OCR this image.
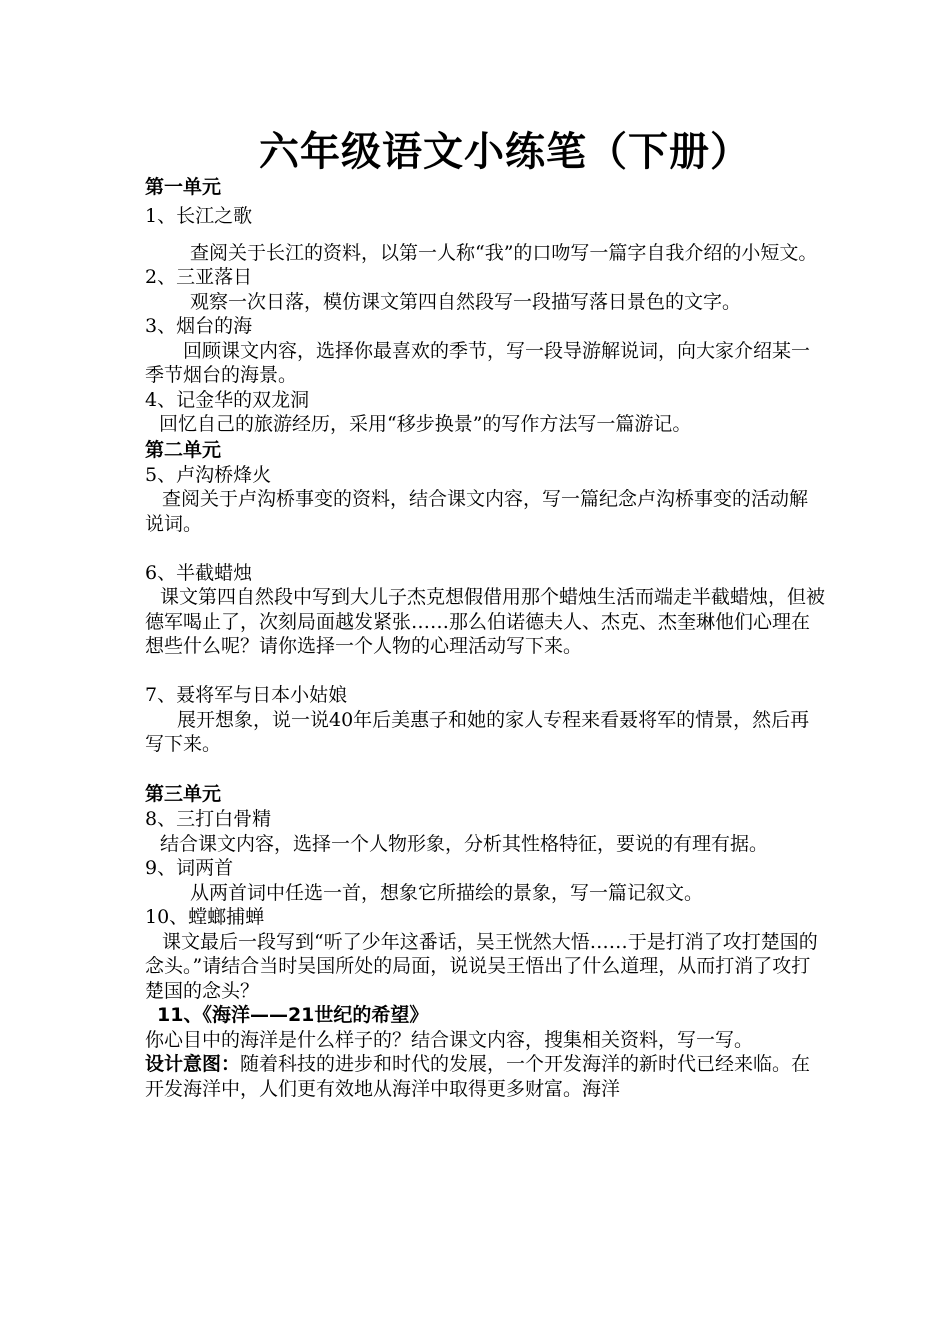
六年级语文小练笔（下册）
第一单元
1、长江之歌
查阅关于长江的资料，以第一人称“我”的口吻写一篇字自我介绍的小短文。
2、三亚落日
观察一次日落，模仿课文第四自然段写一段描写落日景色的文字。
3、烟台的海
回顾课文内容，选择你最喜欢的季节，写一段导游解说词，向大家介绍某一季节烟台的海景。
4、记金华的双龙洞
回忆自己的旅游经历，采用“移步换景”的写作方法写一篇游记。
第二单元
5、卢沟桥烽火
查阅关于卢沟桥事变的资料，结合课文内容，写一篇纪念卢沟桥事变的活动解说词。
6、半截蜡烛
课文第四自然段中写到大儿子杰克想假借用那个蜡烛生活而端走半截蜡烛，但被德军喝止了，次刻局面越发紧张……那么伯诺德夫人、杰克、杰奎琳他们心理在想些什么呢？请你选择一个人物的心理活动写下来。
7、聂将军与日本小姑娘
展开想象，说一说40年后美惠子和她的家人专程来看聂将军的情景，然后再写下来。
第三单元
8、三打白骨精
结合课文内容，选择一个人物形象，分析其性格特征，要说的有理有据。
9、词两首
从两首词中任选一首，想象它所描绘的景象，写一篇记叙文。
10、螳螂捕蝉
课文最后一段写到“听了少年这番话，吴王恍然大悟……于是打消了攻打楚国的念头。”请结合当时吴国所处的局面，说说吴王悟出了什么道理，从而打消了攻打楚国的念头？
11、《海洋——21世纪的希望》
你心目中的海洋是什么样子的？结合课文内容，搜集相关资料，写一写。
设计意图：随着科技的进步和时代的发展，一个开发海洋的新时代已经来临。在开发海洋中，人们更有效地从海洋中取得更多财富。海洋
